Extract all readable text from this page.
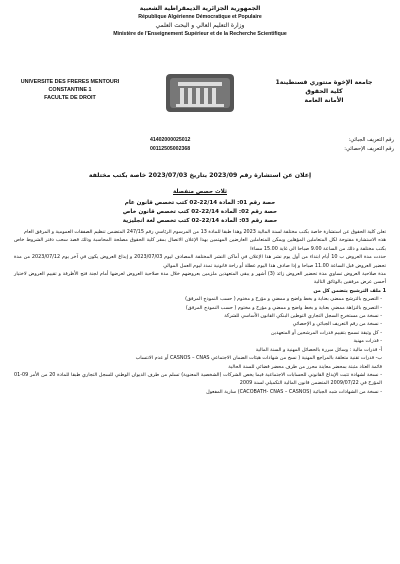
الجمهورية الجزائرية الديمقراطية الشعبية
République Algérienne Démocratique et Populaire
وزارة التعليم العالي و البحث العلمي
Ministère de l'Enseignement Supérieur et de la Recherche Scientifique
UNIVERSITE DES FRERES MENTOURI
CONSTANTINE 1
FACULTE DE DROIT
جامعة الإخوة منتوري قسنطينة1
كلية الحقوق
الأمانة العامة
رقم التعريف الجبائي:
رقم التعريف الإحصائي:
41402000025012
00112505002368
إعلان عن استشارة رقم 2023/09 بتاريخ 2023/07/03 خاصة بكتب مختلفة
ثلاث حصص منفصلة
حصة رقم 01: المادة 22/14-02 كتب تخصص قانون عام
حصة رقم 02: المادة 22/14-02 كتب تخصص قانون خاص
حصة رقم 03: المادة 22/14-02 كتب تخصص لغة انجليزية

تعلن كلية الحقوق عن استشارة خاصة بكتب مختلفة لسنة المالية 2023 وهذا طبقا للمادة 13 من المرسوم الرئاسي رقم 247/15 المتضمن تنظيم الصفقات العمومية و المرفق العام

هذه الاستشارة مفتوحة لكل المتعاملين المؤهلين ويمكن للمتعاملين العارضين المهتمين بهذا الإعلان الاتصال بمقر كلية الحقوق مصلحة المحاسبة وذلك قصد سحب دفتر الشروط خاص بكتب مختلفة و ذلك من الساعة 9.00 صباحا الى غاية 15.00 مساءا

حددت مدة العروض ب 10 أيام ابتداء من أول يوم نشر هذا الإعلان في أماكن النشر المختلفة المصادف ليوم 2023/07/03 و إيداع العروض يكون في آخر يوم 2023/07/12 من مدة تحضير العروض قبل الساعة 11.00 صباحا و إذا صادف هذا اليوم عطلة أو راحة قانونية تمدد ليوم العمل الموالي

مدة صلاحية العروض تساوي مدة تحضير العروض زائد (3) أشهر و يبقى المتعهدين ملزمين بعروضهم خلال مدة صلاحية العروض لعرضها أمام لجنة فتح الأظرفة و تقييم العروض لاختيار أحسن عرض مرفقين بالوثائق التالية

1 ملف الترشيح يتضمن كل من

- التصريح بالترشح ممضى بعناية و بخط واضح و ممضي و مؤرخ و مختوم ( حسب النموذج المرفق)

- التصريح بالنزاهة ممضي بعناية و بخط واضح و ممضي و مؤرخ و مختوم ( حسب النموذج المرفق)

- نسخة من مستخرج السجل التجاري التوطين البنكي القانون الأساسي للشركة

- نسخة من رقم التعريف الجبائي و الإحصائي

- كل وثيقة تسمح بتقييم قدرات المرشحين أو المتعهدين

- قدرات مهنية

أ- قدرات مالية : وسائل مبررة بالحصائل المهنية و السنة المالية

ب- قدرات تقنية متعلقة بالمراجع المهنية ( نسخ من شهادات هيئات الضمان الاجتماعي CASNOS – CNAS أو عدم الانتساب

قائمة العتاد مثبتة بمحضر معاينة محرر من طرف محضر قضائي للسنة الحالية

- نسخة لشهادة تثبت الإيداع القانوني للحسابات الاجتماعية فيما يخص الشركات (الشخصية المعنوية) تسلم من طرف الديوان الوطني للسجل التجاري طبقا للمادة 20 من الأمر 09-01 المؤرخ في 2009/07/22 المتضمن قانون المالية التكميلي لسنة 2009

- نسخة من الشهادات شبه الجبائية (CACOBATH- CNAS – CASNOS) سارية المفعول
